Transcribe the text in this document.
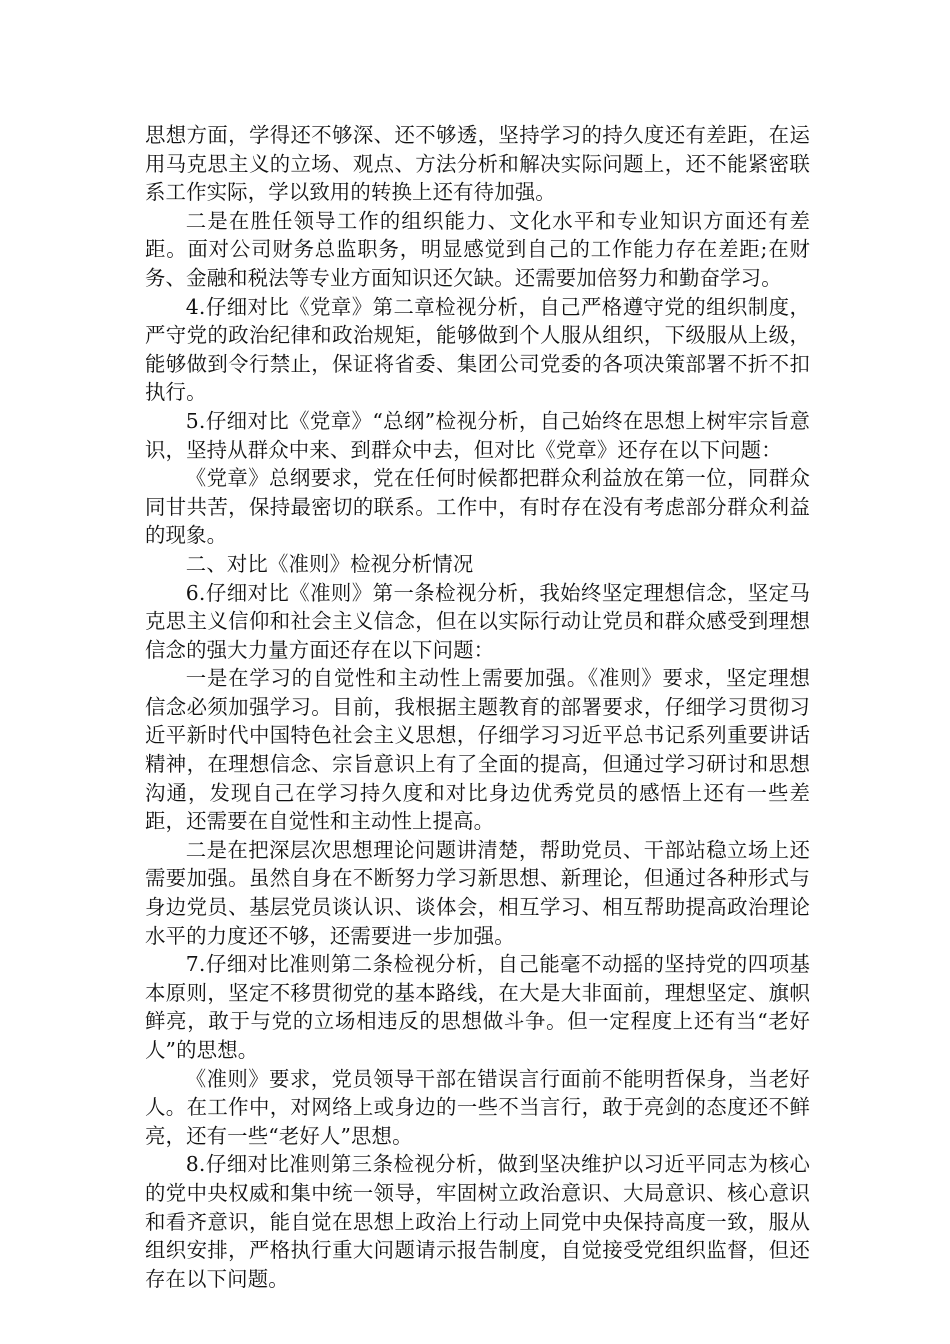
思想方面，学得还不够深、还不够透，坚持学习的持久度还有差距，在运用马克思主义的立场、观点、方法分析和解决实际问题上，还不能紧密联系工作实际，学以致用的转换上还有待加强。

二是在胜任领导工作的组织能力、文化水平和专业知识方面还有差距。面对公司财务总监职务，明显感觉到自己的工作能力存在差距;在财务、金融和税法等专业方面知识还欠缺。还需要加倍努力和勤奋学习。

4.仔细对比《党章》第二章检视分析，自己严格遵守党的组织制度，严守党的政治纪律和政治规矩，能够做到个人服从组织，下级服从上级，能够做到令行禁止，保证将省委、集团公司党委的各项决策部署不折不扣执行。

5.仔细对比《党章》“总纲”检视分析，自己始终在思想上树牢宗旨意识，坚持从群众中来、到群众中去，但对比《党章》还存在以下问题：

《党章》总纲要求，党在任何时候都把群众利益放在第一位，同群众同甘共苦，保持最密切的联系。工作中，有时存在没有考虑部分群众利益的现象。

二、对比《准则》检视分析情况

6.仔细对比《准则》第一条检视分析，我始终坚定理想信念，坚定马克思主义信仰和社会主义信念，但在以实际行动让党员和群众感受到理想信念的强大力量方面还存在以下问题：

一是在学习的自觉性和主动性上需要加强。《准则》要求，坚定理想信念必须加强学习。目前，我根据主题教育的部署要求，仔细学习贯彻习近平新时代中国特色社会主义思想，仔细学习习近平总书记系列重要讲话精神，在理想信念、宗旨意识上有了全面的提高，但通过学习研讨和思想沟通，发现自己在学习持久度和对比身边优秀党员的感悟上还有一些差距，还需要在自觉性和主动性上提高。

二是在把深层次思想理论问题讲清楚，帮助党员、干部站稳立场上还需要加强。虽然自身在不断努力学习新思想、新理论，但通过各种形式与身边党员、基层党员谈认识、谈体会，相互学习、相互帮助提高政治理论水平的力度还不够，还需要进一步加强。

7.仔细对比准则第二条检视分析，自己能毫不动摇的坚持党的四项基本原则，坚定不移贯彻党的基本路线，在大是大非面前，理想坚定、旗帜鲜亮，敢于与党的立场相违反的思想做斗争。但一定程度上还有当“老好人”的思想。

《准则》要求，党员领导干部在错误言行面前不能明哲保身，当老好人。在工作中，对网络上或身边的一些不当言行，敢于亮剑的态度还不鲜亮，还有一些“老好人”思想。

8.仔细对比准则第三条检视分析，做到坚决维护以习近平同志为核心的党中央权威和集中统一领导，牢固树立政治意识、大局意识、核心意识和看齐意识，能自觉在思想上政治上行动上同党中央保持高度一致，服从组织安排，严格执行重大问题请示报告制度，自觉接受党组织监督，但还存在以下问题。
